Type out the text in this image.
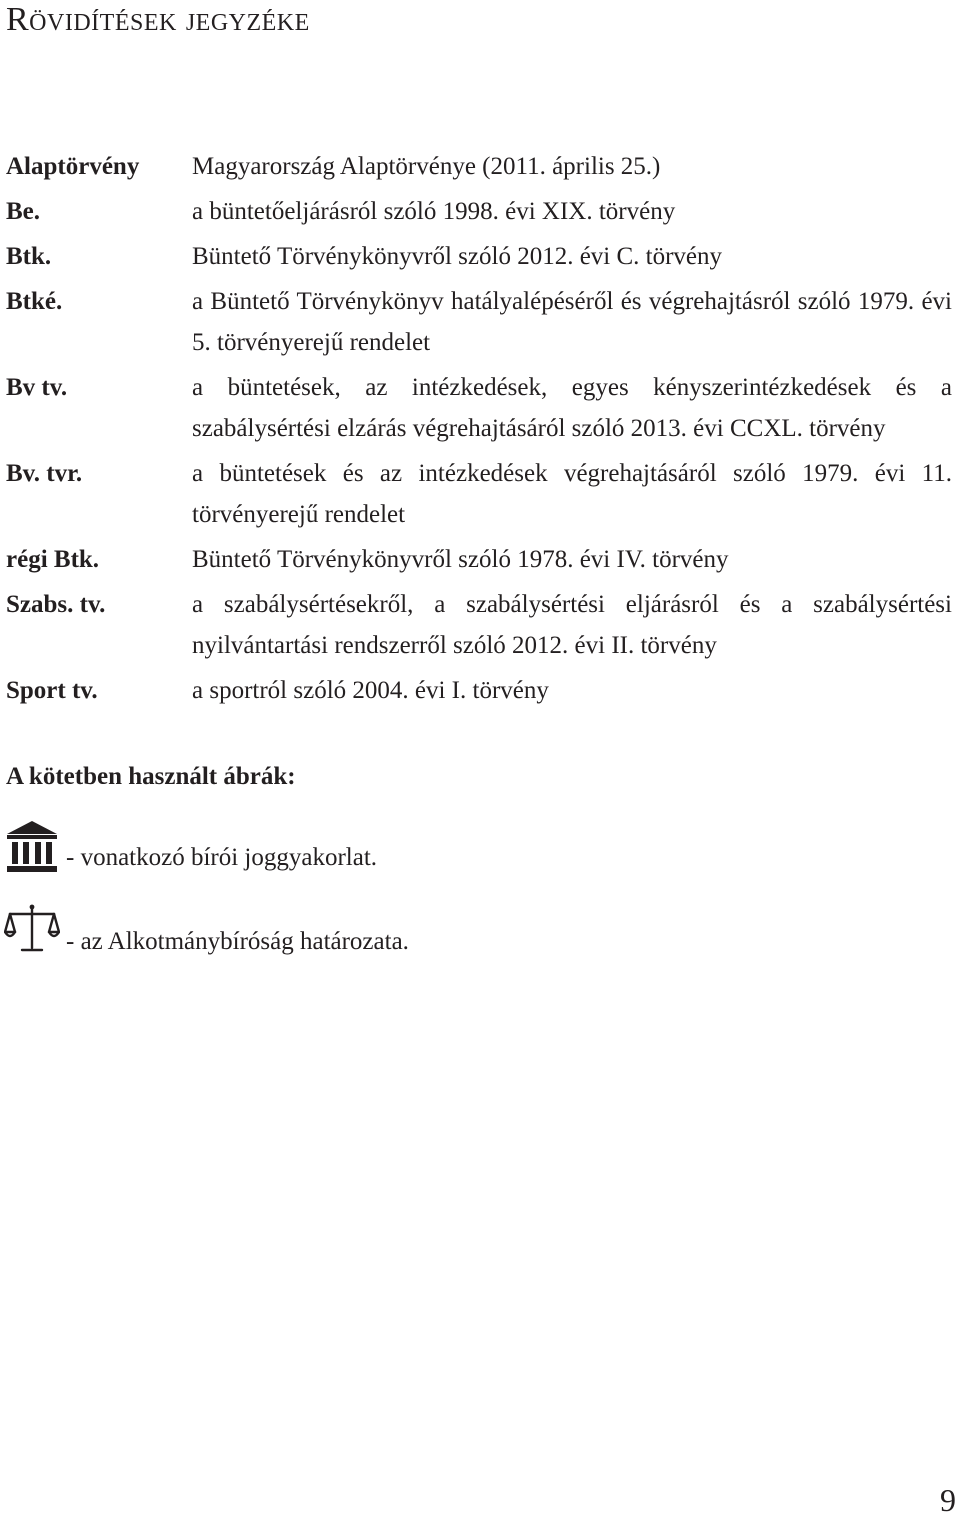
Rövidítések jegyzéke
Alaptörvény	Magyarország Alaptörvénye (2011. április 25.)
Be.	a büntetőeljárásról szóló 1998. évi XIX. törvény
Btk.	Büntető Törvénykönyvről szóló 2012. évi C. törvény
Btké.	a Büntető Törvénykönyv hatályalépéséről és végrehajtásról szóló 1979. évi 5. törvényerejű rendelet
Bv tv.	a büntetések, az intézkedések, egyes kényszerintézkedések és a szabálysértési elzárás végrehajtásáról szóló 2013. évi CCXL. törvény
Bv. tvr.	a büntetések és az intézkedések végrehajtásáról szóló 1979. évi 11. törvényerejű rendelet
régi Btk.	Büntető Törvénykönyvről szóló 1978. évi IV. törvény
Szabs. tv.	a szabálysértésekről, a szabálysértési eljárásról és a szabálysértési nyilvántartási rendszerről szóló 2012. évi II. törvény
Sport tv.	a sportról szóló 2004. évi I. törvény
A kötetben használt ábrák:
- vonatkozó bírói joggyakorlat.
- az Alkotmánybíróság határozata.
9
